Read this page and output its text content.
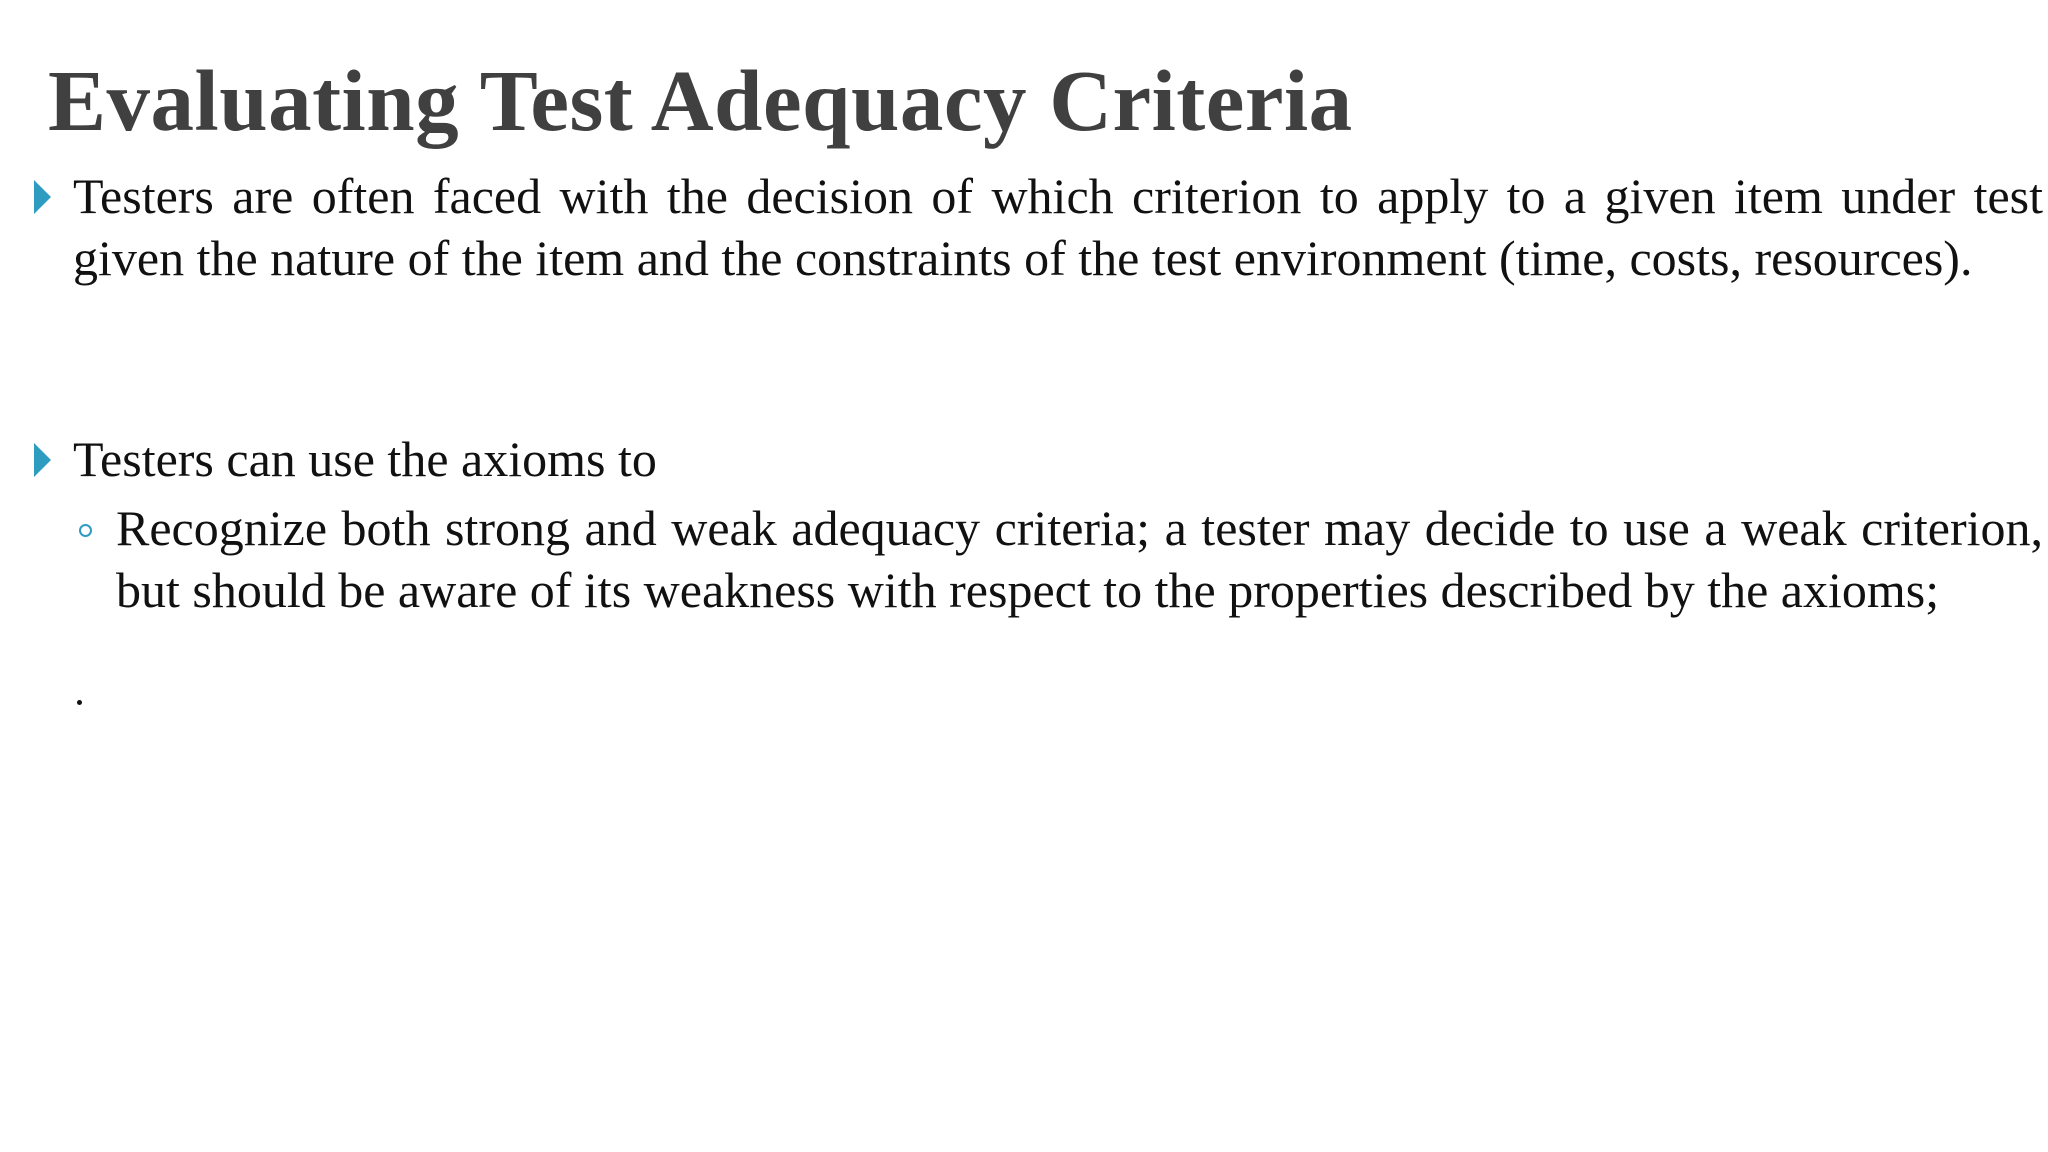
Evaluating Test Adequacy Criteria
Testers are often faced with the decision of which criterion to apply to a given item under test given the nature of the item and the constraints of the test environment (time, costs, resources).
Testers can use the axioms to
Recognize both strong and weak adequacy criteria; a tester may decide to use a weak criterion, but should be aware of its weakness with respect to the properties described by the axioms;
